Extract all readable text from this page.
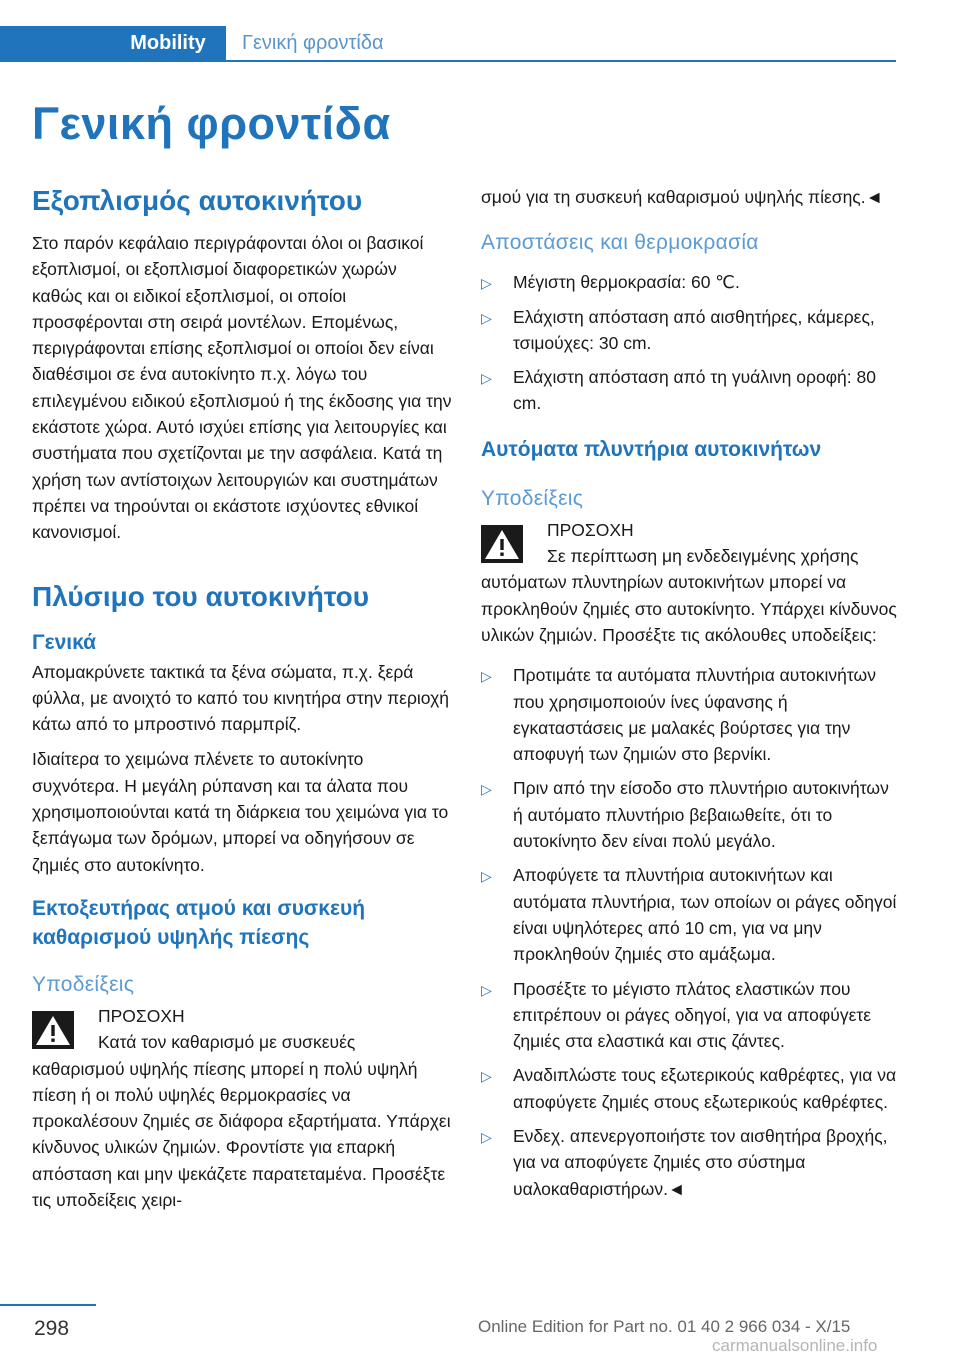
Mobility	Γενική φροντίδα
Γενική φροντίδα
Εξοπλισμός αυτοκινήτου

Στο παρόν κεφάλαιο περιγράφονται όλοι οι βασικοί εξοπλισμοί, οι εξοπλισμοί διαφορετικών χωρών καθώς και οι ειδικοί εξοπλισμοί, οι οποίοι προσφέρονται στη σειρά μοντέλων. Επομένως, περιγράφονται επίσης εξοπλισμοί οι οποίοι δεν είναι διαθέσιμοι σε ένα αυτοκίνητο π.χ. λόγω του επιλεγμένου ειδικού εξοπλισμού ή της έκδοσης για την εκάστοτε χώρα. Αυτό ισχύει επίσης για λειτουργίες και συστήματα που σχετίζονται με την ασφάλεια. Κατά τη χρήση των αντίστοιχων λειτουργιών και συστημάτων πρέπει να τηρούνται οι εκάστοτε ισχύοντες εθνικοί κανονισμοί.

Πλύσιμο του αυτοκινήτου
Γενικά

Απομακρύνετε τακτικά τα ξένα σώματα, π.χ. ξερά φύλλα, με ανοιχτό το καπό του κινητήρα στην περιοχή κάτω από το μπροστινό παρμπρίζ.

Ιδιαίτερα το χειμώνα πλένετε το αυτοκίνητο συχνότερα. Η μεγάλη ρύπανση και τα άλατα που χρησιμοποιούνται κατά τη διάρκεια του χειμώνα για το ξεπάγωμα των δρόμων, μπορεί να οδηγήσουν σε ζημιές στο αυτοκίνητο.

Εκτοξευτήρας ατμού και συσκευή καθαρισμού υψηλής πίεσης
Υποδείξεις
ΠΡΟΣΟΧΗ

Κατά τον καθαρισμό με συσκευές καθαρισμού υψηλής πίεσης μπορεί η πολύ υψηλή πίεση ή οι πολύ υψηλές θερμοκρασίες να προκαλέσουν ζημιές σε διάφορα εξαρτήματα. Υπάρχει κίνδυνος υλικών ζημιών. Φροντίστε για επαρκή απόσταση και μην ψεκάζετε παρατεταμένα. Προσέξτε τις υποδείξεις χειρι-

σμού για τη συσκευή καθαρισμού υψηλής πίεσης.◄

Αποστάσεις και θερμοκρασία
▷ Μέγιστη θερμοκρασία: 60 ℃.
▷ Ελάχιστη απόσταση από αισθητήρες, κάμερες, τσιμούχες: 30 cm.
▷ Ελάχιστη απόσταση από τη γυάλινη οροφή: 80 cm.
Αυτόματα πλυντήρια αυτοκινήτων
Υποδείξεις
ΠΡΟΣΟΧΗ

Σε περίπτωση μη ενδεδειγμένης χρήσης αυτόματων πλυντηρίων αυτοκινήτων μπορεί να προκληθούν ζημιές στο αυτοκίνητο. Υπάρχει κίνδυνος υλικών ζημιών. Προσέξτε τις ακόλουθες υποδείξεις:

▷ Προτιμάτε τα αυτόματα πλυντήρια αυτοκινήτων που χρησιμοποιούν ίνες ύφανσης ή εγκαταστάσεις με μαλακές βούρτσες για την αποφυγή των ζημιών στο βερνίκι.
▷ Πριν από την είσοδο στο πλυντήριο αυτοκινήτων ή αυτόματο πλυντήριο βεβαιωθείτε, ότι το αυτοκίνητο δεν είναι πολύ μεγάλο.
▷ Αποφύγετε τα πλυντήρια αυτοκινήτων και αυτόματα πλυντήρια, των οποίων οι ράγες οδηγοί είναι υψηλότερες από 10 cm, για να μην προκληθούν ζημιές στο αμάξωμα.
▷ Προσέξτε το μέγιστο πλάτος ελαστικών που επιτρέπουν οι ράγες οδηγοί, για να αποφύγετε ζημιές στα ελαστικά και στις ζάντες.
▷ Αναδιπλώστε τους εξωτερικούς καθρέφτες, για να αποφύγετε ζημιές στους εξωτερικούς καθρέφτες.
▷ Ενδεχ. απενεργοποιήστε τον αισθητήρα βροχής, για να αποφύγετε ζημιές στο σύστημα υαλοκαθαριστήρων.◄
298	Online Edition for Part no. 01 40 2 966 034 - X/15
carmanualsonline.info
